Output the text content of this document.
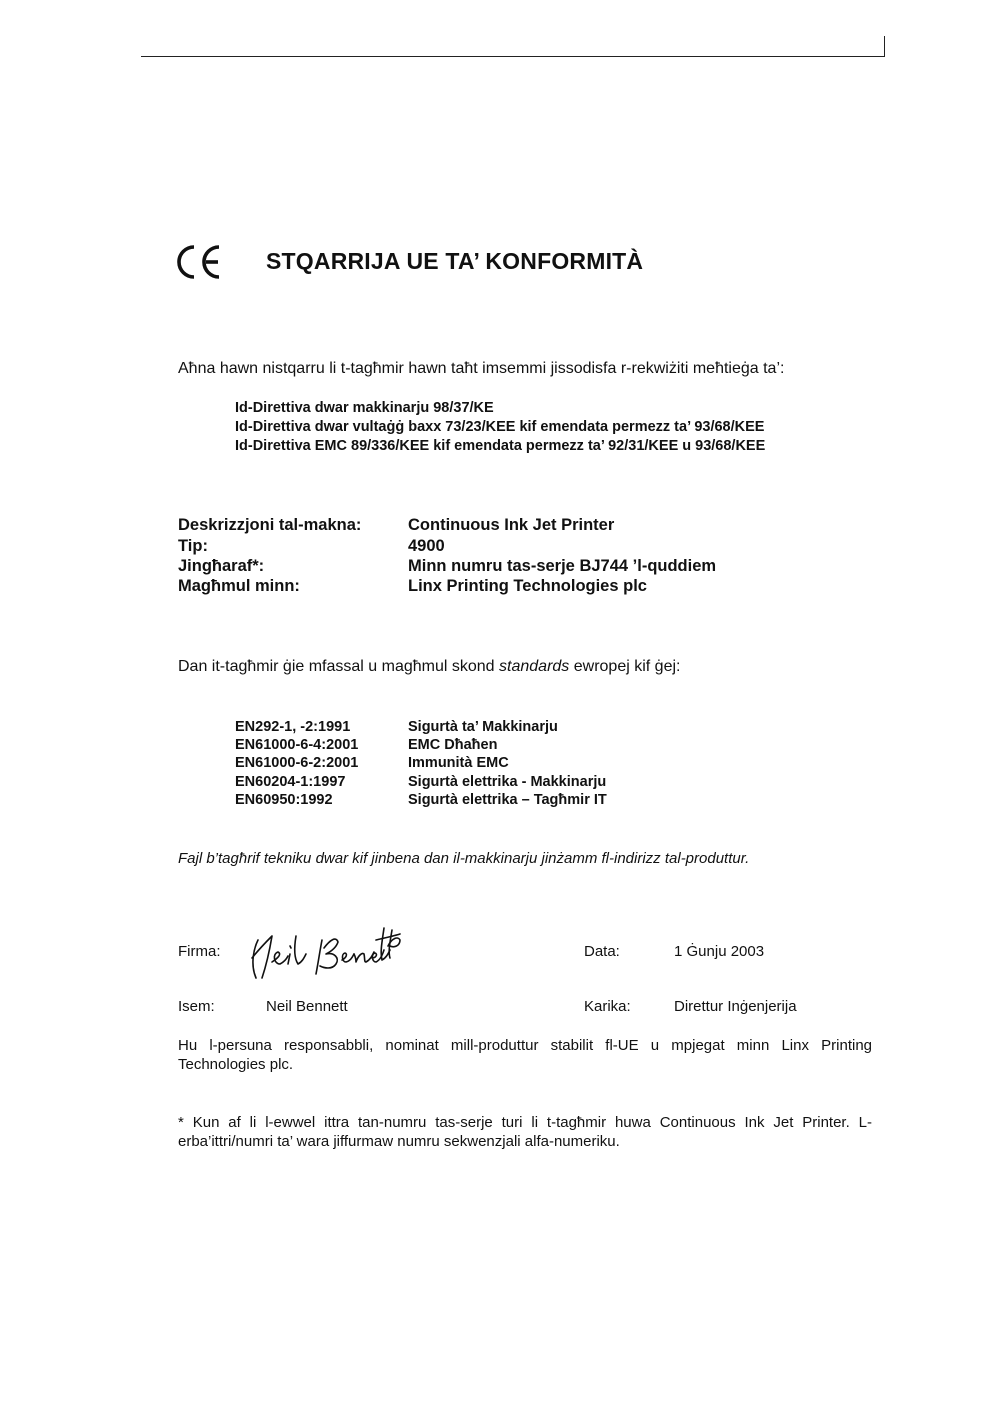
STQARRIJA UE TA’ KONFORMITÀ
Aħna hawn nistqarru li t-tagħmir hawn taħt imsemmi jissodisfa r-rekwiżiti meħtieġa ta’:
Id-Direttiva dwar makkinarju 98/37/KE
Id-Direttiva dwar vultaġġ baxx 73/23/KEE kif emendata permezz ta’ 93/68/KEE
Id-Direttiva EMC 89/336/KEE kif emendata permezz ta’ 92/31/KEE u 93/68/KEE
Deskrizzjoni tal-makna:	Continuous Ink Jet Printer
Tip:	4900
Jingħaraf*:	Minn numru tas-serje BJ744 ’l-quddiem
Magħmul minn:	Linx Printing Technologies plc
Dan it-tagħmir ġie mfassal u magħmul skond standards ewropej kif ġej:
EN292-1, -2:1991	Sigurtà ta’ Makkinarju
EN61000-6-4:2001	EMC Dħaħen
EN61000-6-2:2001	Immunità EMC
EN60204-1:1997	Sigurtà elettrika - Makkinarju
EN60950:1992	Sigurtà elettrika – Tagħmir IT
Fajl b’tagħrif tekniku dwar kif jinbena dan il-makkinarju jinżamm fl-indirizz tal-produttur.
Firma:	Data:	1 Ġunju 2003
Isem:	Neil Bennett	Karika:	Direttur Inġenjerija
Hu l-persuna responsabbli, nominat mill-produttur stabilit fl-UE u mpjegat minn Linx Printing Technologies plc.
* Kun af li l-ewwel ittra tan-numru tas-serje turi li t-tagħmir huwa Continuous Ink Jet Printer. L-erba’ittri/numri ta’ wara jiffurmaw numru sekwenzjali alfa-numeriku.
